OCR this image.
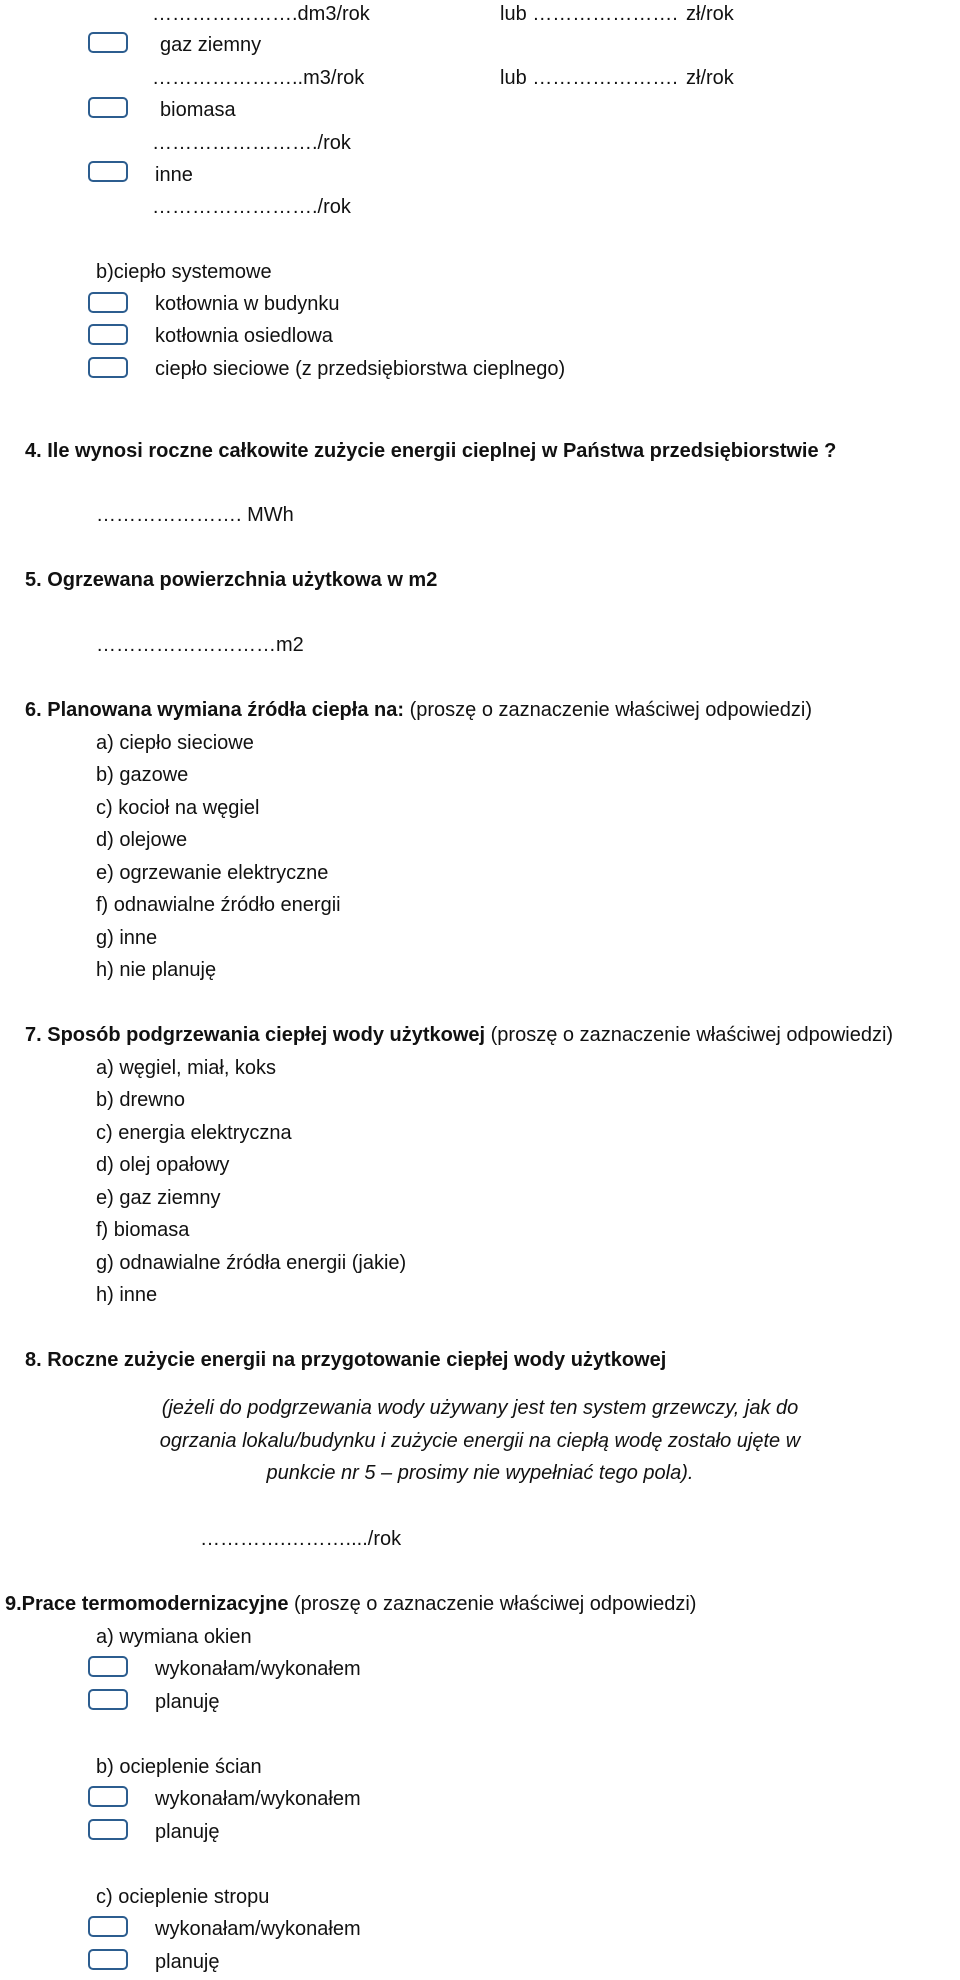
………………….dm3/rok	lub …………………. zł/rok
gaz ziemny
…………………..m3/rok	lub …………………. zł/rok
biomasa
……………………./rok
inne
……………………./rok
b)ciepło systemowe
kotłownia w budynku
kotłownia osiedlowa
ciepło sieciowe (z przedsiębiorstwa cieplnego)
4. Ile wynosi roczne całkowite zużycie energii cieplnej w Państwa przedsiębiorstwie ?
…………………. MWh
5. Ogrzewana powierzchnia użytkowa w m2
………………………m2
6. Planowana wymiana źródła ciepła na: (proszę o zaznaczenie właściwej odpowiedzi)
a) ciepło sieciowe
b) gazowe
c) kocioł na węgiel
d) olejowe
e) ogrzewanie elektryczne
f) odnawialne źródło energii
g) inne
h) nie planuję
7. Sposób podgrzewania ciepłej wody użytkowej (proszę o zaznaczenie właściwej odpowiedzi)
a) węgiel, miał, koks
b) drewno
c) energia elektryczna
d) olej opałowy
e) gaz ziemny
f) biomasa
g) odnawialne źródła energii (jakie)
h) inne
8. Roczne zużycie energii na przygotowanie ciepłej wody użytkowej
(jeżeli do podgrzewania wody używany jest ten system grzewczy, jak do
ogrzania lokalu/budynku i zużycie energii na ciepłą wodę zostało ujęte w
punkcie nr 5 – prosimy nie wypełniać tego pola).
………….………..../rok
9.Prace termomodernizacyjne (proszę o zaznaczenie właściwej odpowiedzi)
a) wymiana okien
wykonałam/wykonałem
planuję
b) ocieplenie ścian
wykonałam/wykonałem
planuję
c) ocieplenie stropu
wykonałam/wykonałem
planuję
